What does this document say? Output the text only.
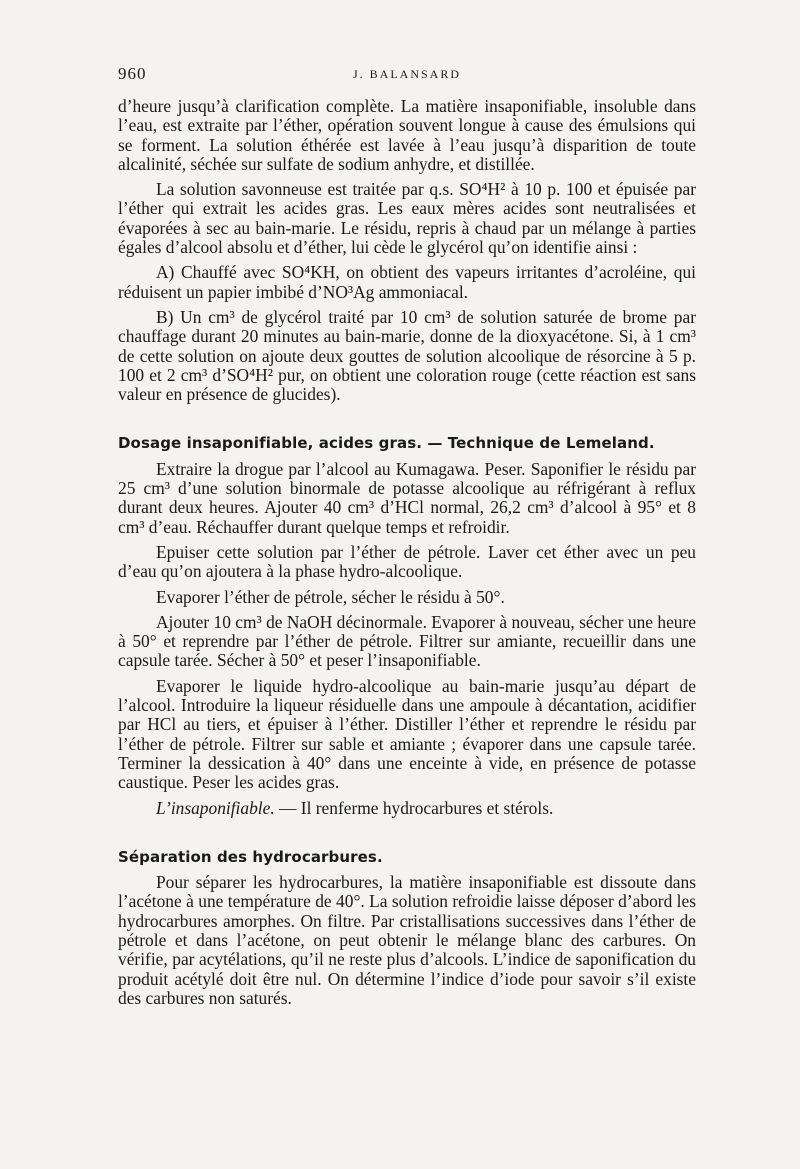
960	J. BALANSARD

d’heure jusqu’à clarification complète. La matière insaponifiable, insoluble dans l’eau, est extraite par l’éther, opération souvent longue à cause des émulsions qui se forment. La solution éthérée est lavée à l’eau jusqu’à disparition de toute alcalinité, séchée sur sulfate de sodium anhydre, et distillée.

La solution savonneuse est traitée par q.s. SO⁴H² à 10 p. 100 et épuisée par l’éther qui extrait les acides gras. Les eaux mères acides sont neutralisées et évaporées à sec au bain-marie. Le résidu, repris à chaud par un mélange à parties égales d’alcool absolu et d’éther, lui cède le glycérol qu’on identifie ainsi :

A) Chauffé avec SO⁴KH, on obtient des vapeurs irritantes d’acroléine, qui réduisent un papier imbibé d’NO³Ag ammoniacal.

B) Un cm³ de glycérol traité par 10 cm³ de solution saturée de brome par chauffage durant 20 minutes au bain-marie, donne de la dioxyacétone. Si, à 1 cm³ de cette solution on ajoute deux gouttes de solution alcoolique de résorcine à 5 p. 100 et 2 cm³ d’SO⁴H² pur, on obtient une coloration rouge (cette réaction est sans valeur en présence de glucides).

Dosage insaponifiable, acides gras. — Technique de Lemeland.

Extraire la drogue par l’alcool au Kumagawa. Peser. Saponifier le résidu par 25 cm³ d’une solution binormale de potasse alcoolique au réfrigérant à reflux durant deux heures. Ajouter 40 cm³ d’HCl normal, 26,2 cm³ d’alcool à 95° et 8 cm³ d’eau. Réchauffer durant quelque temps et refroidir.

Epuiser cette solution par l’éther de pétrole. Laver cet éther avec un peu d’eau qu’on ajoutera à la phase hydro-alcoolique.

Evaporer l’éther de pétrole, sécher le résidu à 50°.

Ajouter 10 cm³ de NaOH décinormale. Evaporer à nouveau, sécher une heure à 50° et reprendre par l’éther de pétrole. Filtrer sur amiante, recueillir dans une capsule tarée. Sécher à 50° et peser l’insaponifiable.

Evaporer le liquide hydro-alcoolique au bain-marie jusqu’au départ de l’alcool. Introduire la liqueur résiduelle dans une ampoule à décantation, acidifier par HCl au tiers, et épuiser à l’éther. Distiller l’éther et reprendre le résidu par l’éther de pétrole. Filtrer sur sable et amiante ; évaporer dans une capsule tarée. Terminer la dessication à 40° dans une enceinte à vide, en présence de potasse caustique. Peser les acides gras.

L’insaponifiable. — Il renferme hydrocarbures et stérols.

Séparation des hydrocarbures.

Pour séparer les hydrocarbures, la matière insaponifiable est dissoute dans l’acétone à une température de 40°. La solution refroidie laisse déposer d’abord les hydrocarbures amorphes. On filtre. Par cristallisations successives dans l’éther de pétrole et dans l’acétone, on peut obtenir le mélange blanc des carbures. On vérifie, par acytélations, qu’il ne reste plus d’alcools. L’indice de saponification du produit acétylé doit être nul. On détermine l’indice d’iode pour savoir s’il existe des carbures non saturés.
